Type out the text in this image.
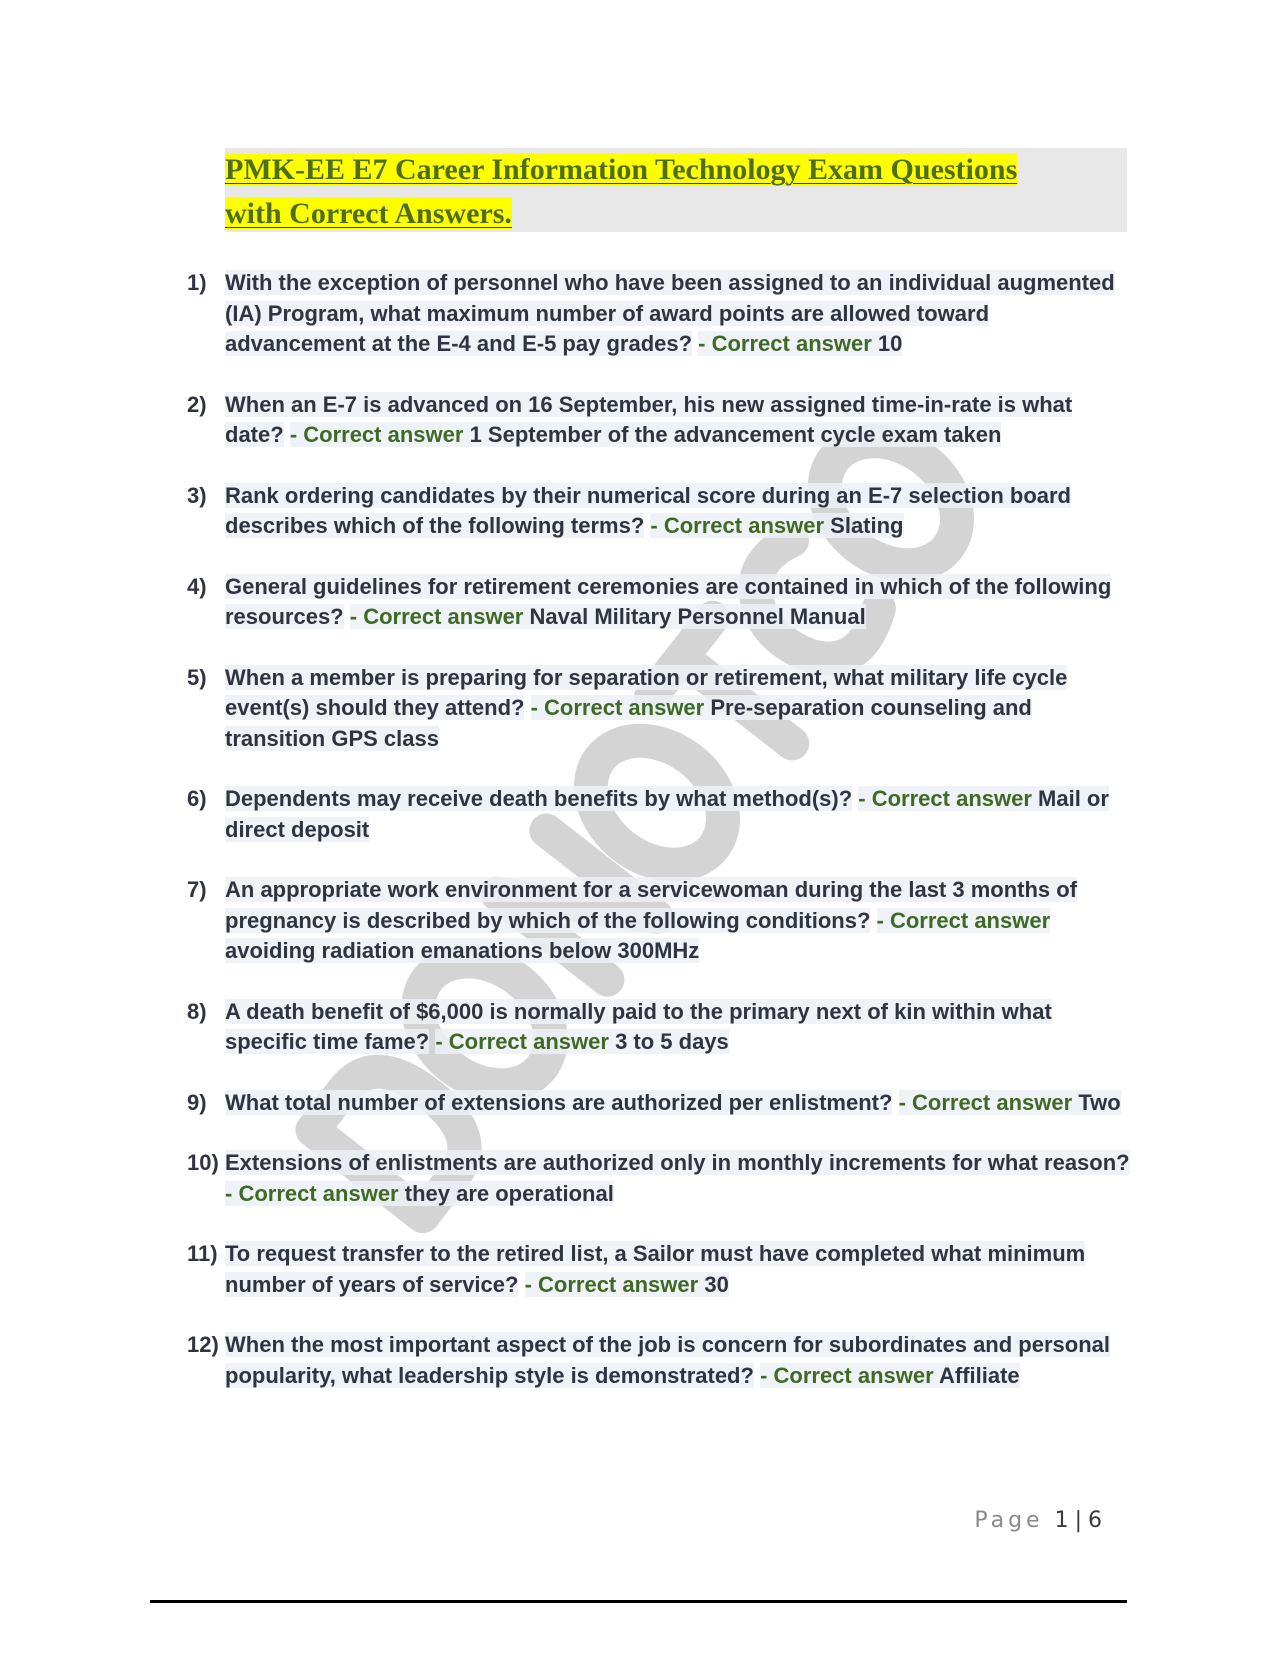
PMK-EE E7 Career Information Technology Exam Questions
with Correct Answers.

1) With the exception of personnel who have been assigned to an individual augmented (IA) Program, what maximum number of award points are allowed toward advancement at the E-4 and E-5 pay grades? - Correct answer 10
2) When an E-7 is advanced on 16 September, his new assigned time-in-rate is what date? - Correct answer 1 September of the advancement cycle exam taken
3) Rank ordering candidates by their numerical score during an E-7 selection board describes which of the following terms? - Correct answer Slating
4) General guidelines for retirement ceremonies are contained in which of the following resources? - Correct answer Naval Military Personnel Manual
5) When a member is preparing for separation or retirement, what military life cycle event(s) should they attend? - Correct answer Pre-separation counseling and transition GPS class
6) Dependents may receive death benefits by what method(s)? - Correct answer Mail or direct deposit
7) An appropriate work environment for a servicewoman during the last 3 months of pregnancy is described by which of the following conditions? - Correct answer avoiding radiation emanations below 300MHz
8) A death benefit of $6,000 is normally paid to the primary next of kin within what specific time fame? - Correct answer 3 to 5 days
9) What total number of extensions are authorized per enlistment? - Correct answer Two
10) Extensions of enlistments are authorized only in monthly increments for what reason? - Correct answer they are operational
11) To request transfer to the retired list, a Sailor must have completed what minimum number of years of service? - Correct answer 30
12) When the most important aspect of the job is concern for subordinates and personal popularity, what leadership style is demonstrated? - Correct answer Affiliate
Page 1 | 6
